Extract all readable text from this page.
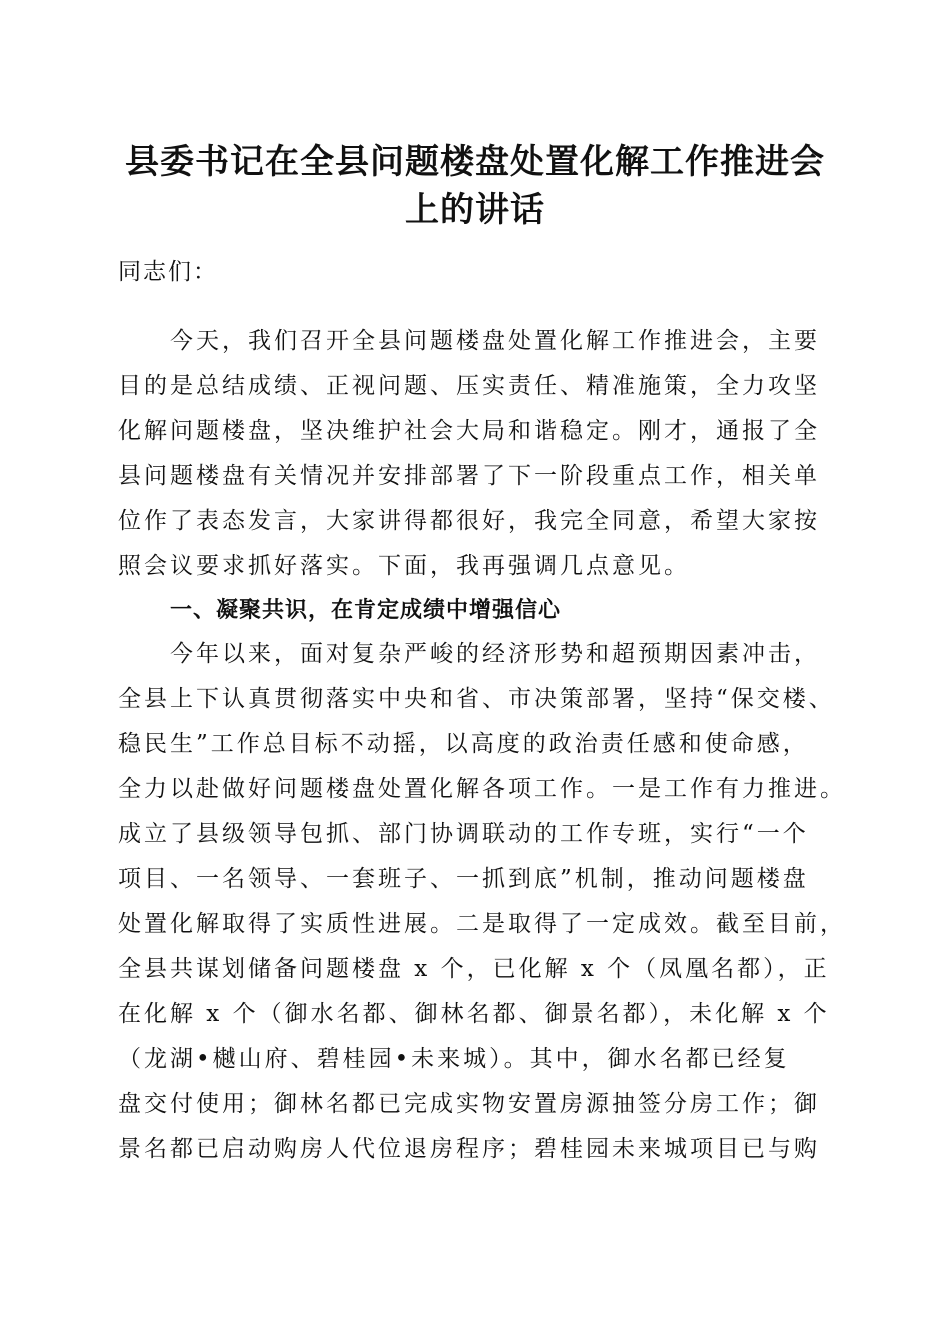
县委书记在全县问题楼盘处置化解工作推进会
上的讲话
同志们：
今天，我们召开全县问题楼盘处置化解工作推进会，主要
目的是总结成绩、正视问题、压实责任、精准施策，全力攻坚
化解问题楼盘，坚决维护社会大局和谐稳定。刚才，通报了全
县问题楼盘有关情况并安排部署了下一阶段重点工作，相关单
位作了表态发言，大家讲得都很好，我完全同意，希望大家按
照会议要求抓好落实。下面，我再强调几点意见。
一、凝聚共识，在肯定成绩中增强信心
今年以来，面对复杂严峻的经济形势和超预期因素冲击，
全县上下认真贯彻落实中央和省、市决策部署，坚持“保交楼、
稳民生”工作总目标不动摇，以高度的政治责任感和使命感，
全力以赴做好问题楼盘处置化解各项工作。一是工作有力推进。
成立了县级领导包抓、部门协调联动的工作专班，实行“一个
项目、一名领导、一套班子、一抓到底”机制，推动问题楼盘
处置化解取得了实质性进展。二是取得了一定成效。截至目前，
全县共谋划储备问题楼盘 x 个，已化解 x 个（凤凰名都），正
在化解 x 个（御水名都、御林名都、御景名都），未化解 x 个
（龙湖•樾山府、碧桂园•未来城）。其中，御水名都已经复
盘交付使用；御林名都已完成实物安置房源抽签分房工作；御
景名都已启动购房人代位退房程序；碧桂园未来城项目已与购
